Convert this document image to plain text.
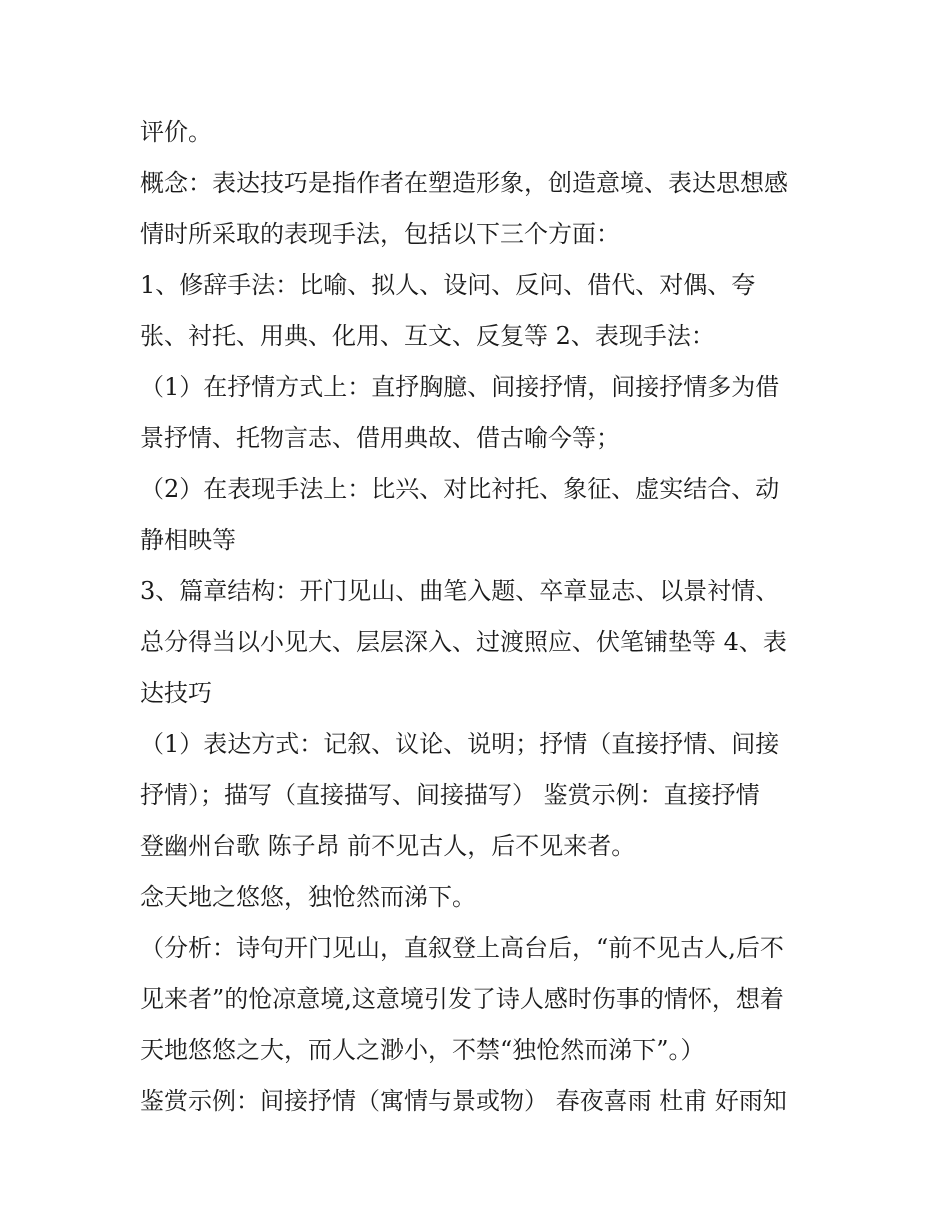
评价。
概念：表达技巧是指作者在塑造形象，创造意境、表达思想感
情时所采取的表现手法，包括以下三个方面：
1、修辞手法：比喻、拟人、设问、反问、借代、对偶、夸
张、衬托、用典、化用、互文、反复等 2、表现手法：
（1）在抒情方式上：直抒胸臆、间接抒情，间接抒情多为借
景抒情、托物言志、借用典故、借古喻今等；
（2）在表现手法上：比兴、对比衬托、象征、虚实结合、动
静相映等
3、篇章结构：开门见山、曲笔入题、卒章显志、以景衬情、
总分得当以小见大、层层深入、过渡照应、伏笔铺垫等 4、表
达技巧
（1）表达方式：记叙、议论、说明；抒情（直接抒情、间接
抒情）；描写（直接描写、间接描写） 鉴赏示例：直接抒情
登幽州台歌 陈子昂 前不见古人，后不见来者。
念天地之悠悠，独怆然而涕下。
（分析：诗句开门见山，直叙登上高台后，“前不见古人,后不
见来者”的怆凉意境,这意境引发了诗人感时伤事的情怀，想着
天地悠悠之大，而人之渺小，不禁“独怆然而涕下”。）
鉴赏示例：间接抒情（寓情与景或物） 春夜喜雨 杜甫 好雨知
